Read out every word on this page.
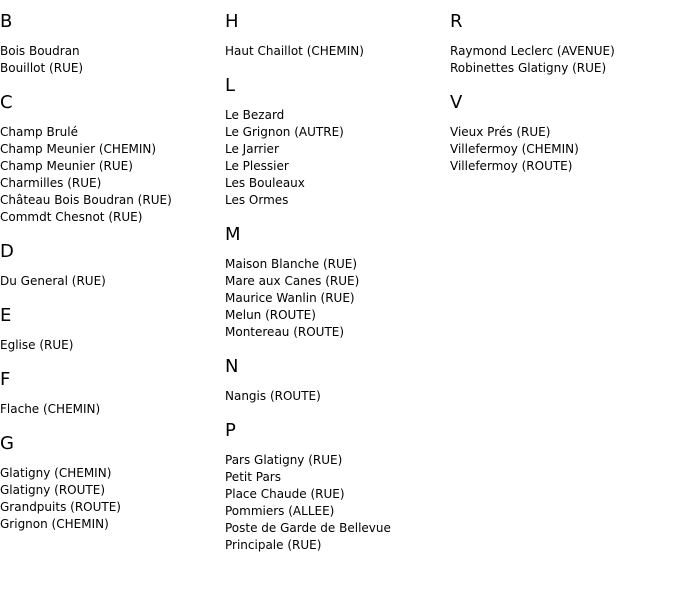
B
Bois Boudran
Bouillot (RUE)
C
Champ Brulé
Champ Meunier (CHEMIN)
Champ Meunier (RUE)
Charmilles (RUE)
Château Bois Boudran (RUE)
Commdt Chesnot (RUE)
D
Du General (RUE)
E
Eglise (RUE)
F
Flache (CHEMIN)
G
Glatigny (CHEMIN)
Glatigny (ROUTE)
Grandpuits (ROUTE)
Grignon (CHEMIN)
H
Haut Chaillot (CHEMIN)
L
Le Bezard
Le Grignon (AUTRE)
Le Jarrier
Le Plessier
Les Bouleaux
Les Ormes
M
Maison Blanche (RUE)
Mare aux Canes (RUE)
Maurice Wanlin (RUE)
Melun (ROUTE)
Montereau (ROUTE)
N
Nangis (ROUTE)
P
Pars Glatigny (RUE)
Petit Pars
Place Chaude (RUE)
Pommiers (ALLEE)
Poste de Garde de Bellevue
Principale (RUE)
R
Raymond Leclerc (AVENUE)
Robinettes Glatigny (RUE)
V
Vieux Prés (RUE)
Villefermoy (CHEMIN)
Villefermoy (ROUTE)
